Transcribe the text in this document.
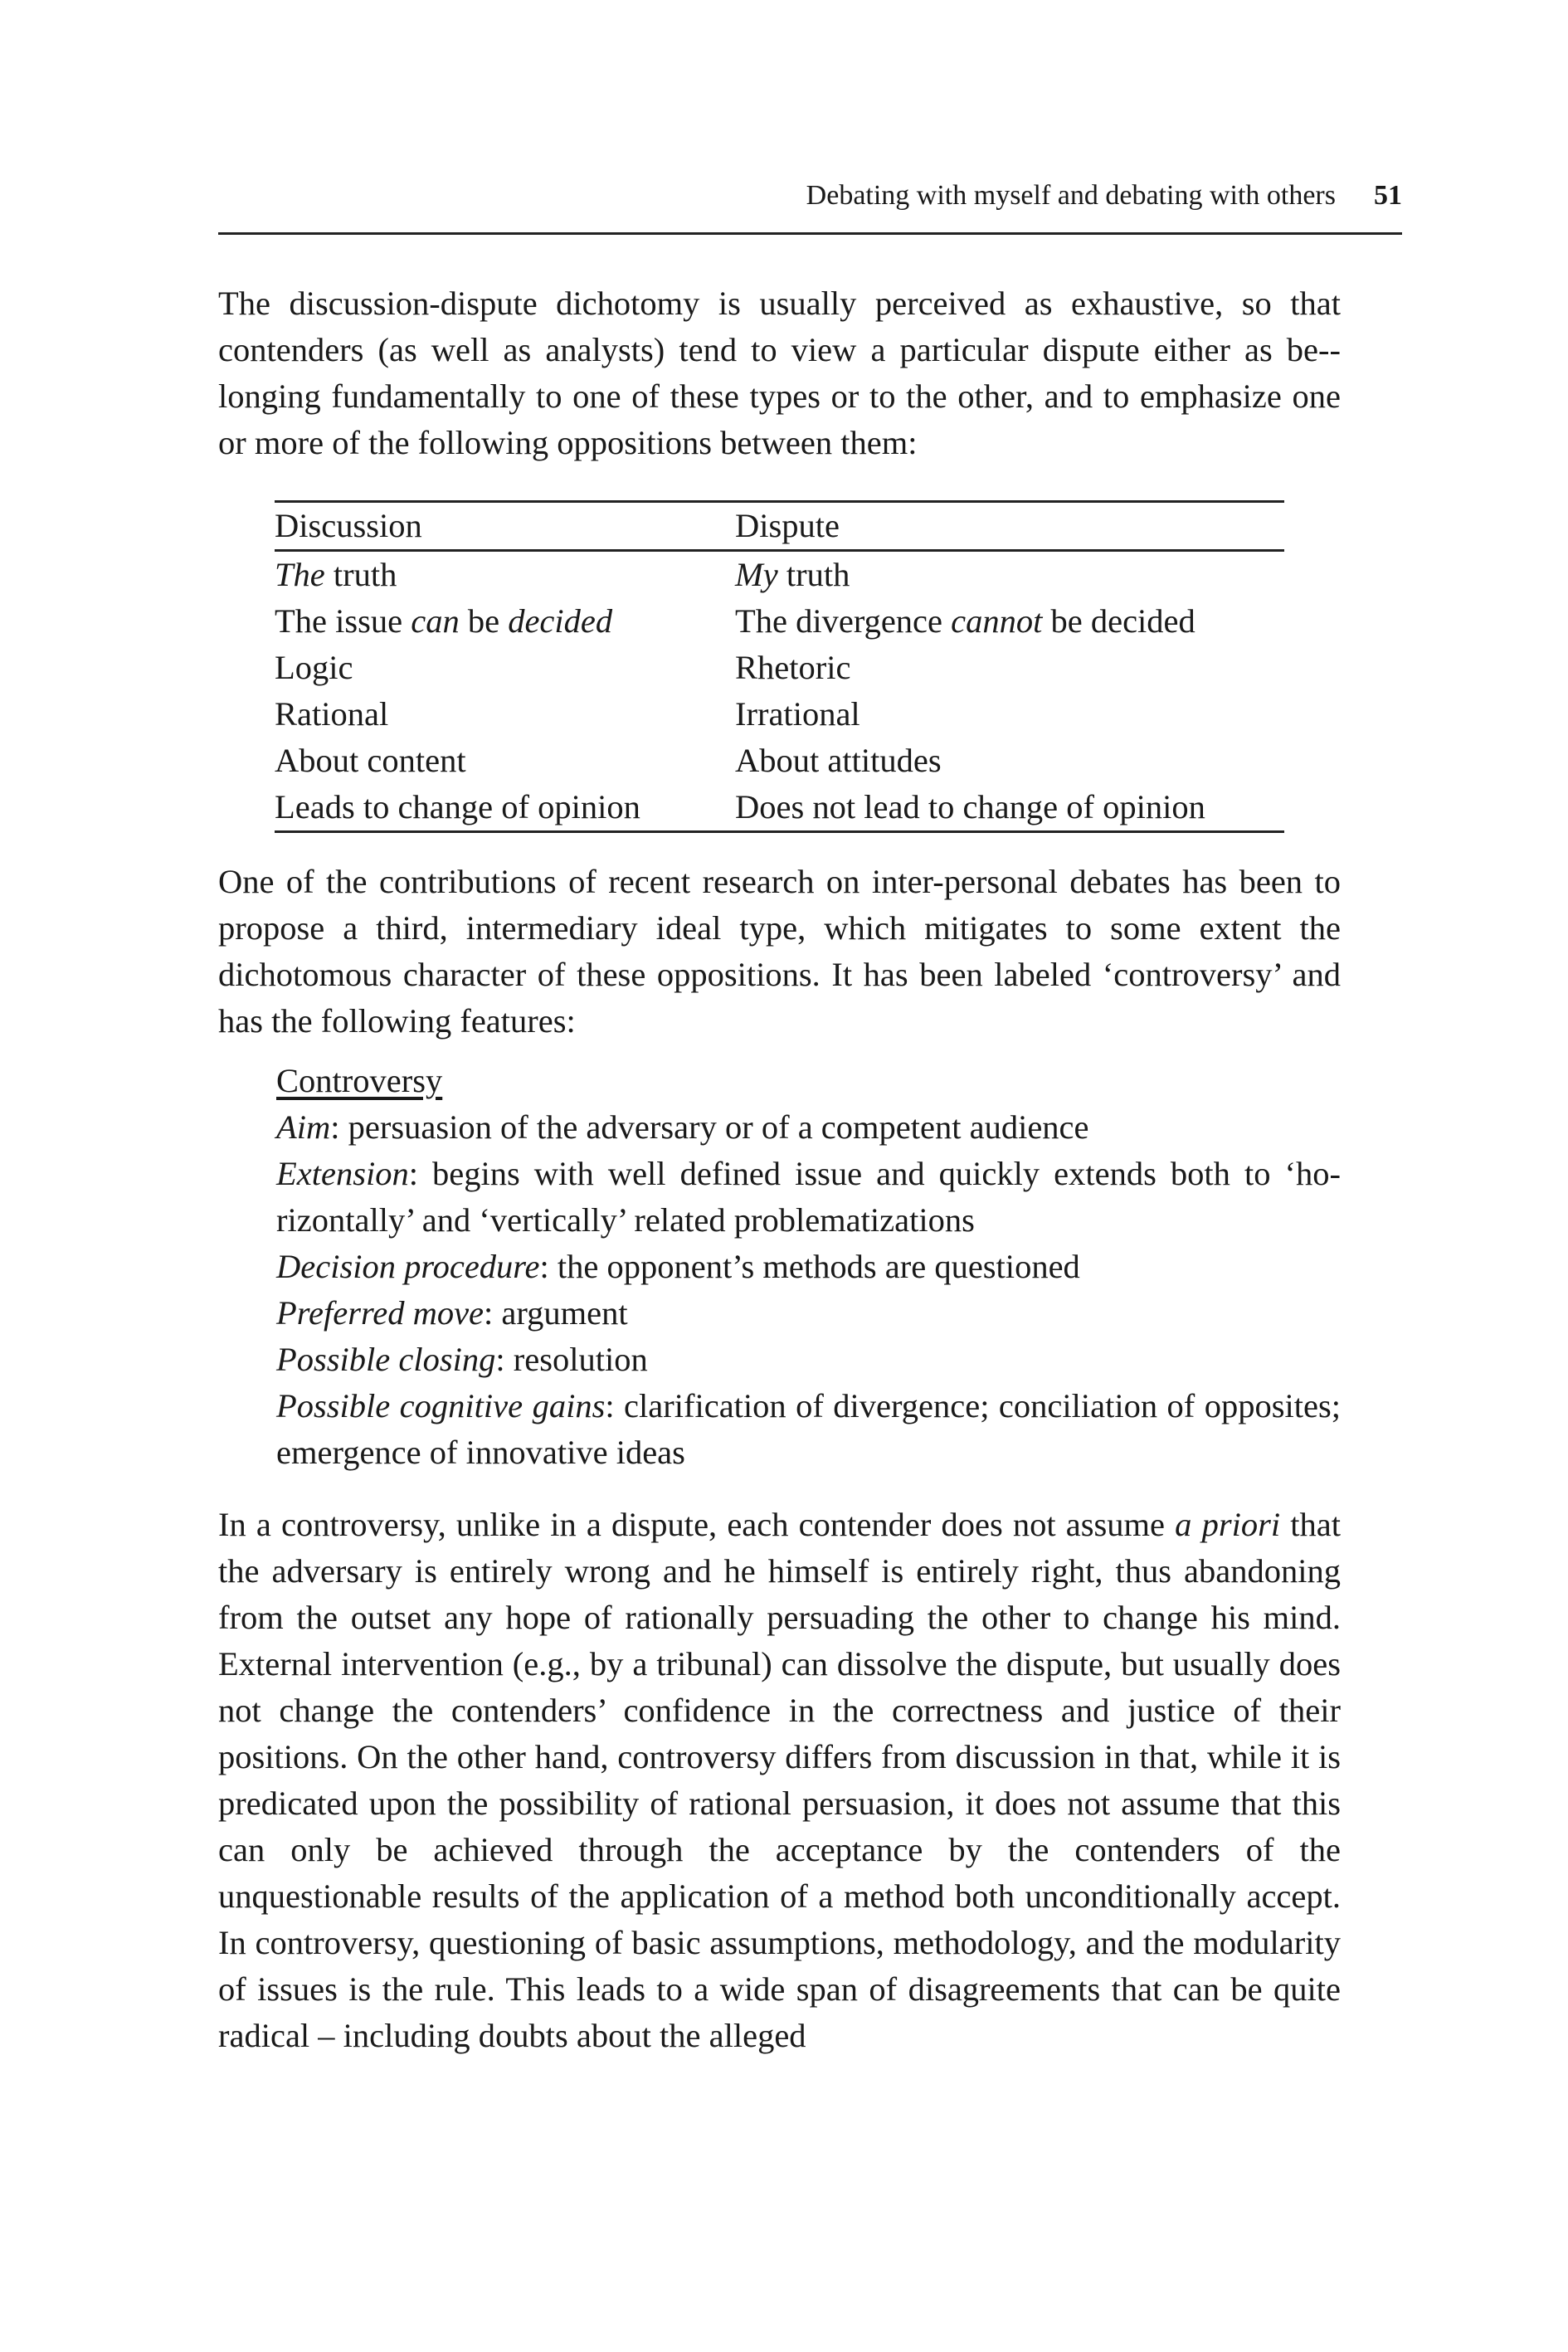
Debating with myself and debating with others 51

The discussion-dispute dichotomy is usually perceived as exhaustive, so that contenders (as well as analysts) tend to view a particular dispute either as be-longing fundamentally to one of these types or to the other, and to emphasize one or more of the following oppositions between them:

Discussion	Dispute
The truth	My truth
The issue can be decided	The divergence cannot be decided
Logic	Rhetoric
Rational	Irrational
About content	About attitudes
Leads to change of opinion	Does not lead to change of opinion

One of the contributions of recent research on inter-personal debates has been to propose a third, intermediary ideal type, which mitigates to some extent the dichotomous character of these oppositions. It has been labeled ‘controversy’ and has the following features:

Controversy
Aim: persuasion of the adversary or of a competent audience
Extension: begins with well defined issue and quickly extends both to ‘horizontally’ and ‘vertically’ related problematizations
Decision procedure: the opponent’s methods are questioned
Preferred move: argument
Possible closing: resolution
Possible cognitive gains: clarification of divergence; conciliation of opposites; emergence of innovative ideas

In a controversy, unlike in a dispute, each contender does not assume a priori that the adversary is entirely wrong and he himself is entirely right, thus abandoning from the outset any hope of rationally persuading the other to change his mind. External intervention (e.g., by a tribunal) can dissolve the dispute, but usually does not change the contenders’ confidence in the correctness and justice of their positions. On the other hand, controversy differs from discussion in that, while it is predicated upon the possibility of rational persuasion, it does not assume that this can only be achieved through the acceptance by the contenders of the unquestionable results of the application of a method both unconditionally accept. In controversy, questioning of basic assumptions, methodology, and the modularity of issues is the rule. This leads to a wide span of disagreements that can be quite radical – including doubts about the alleged
